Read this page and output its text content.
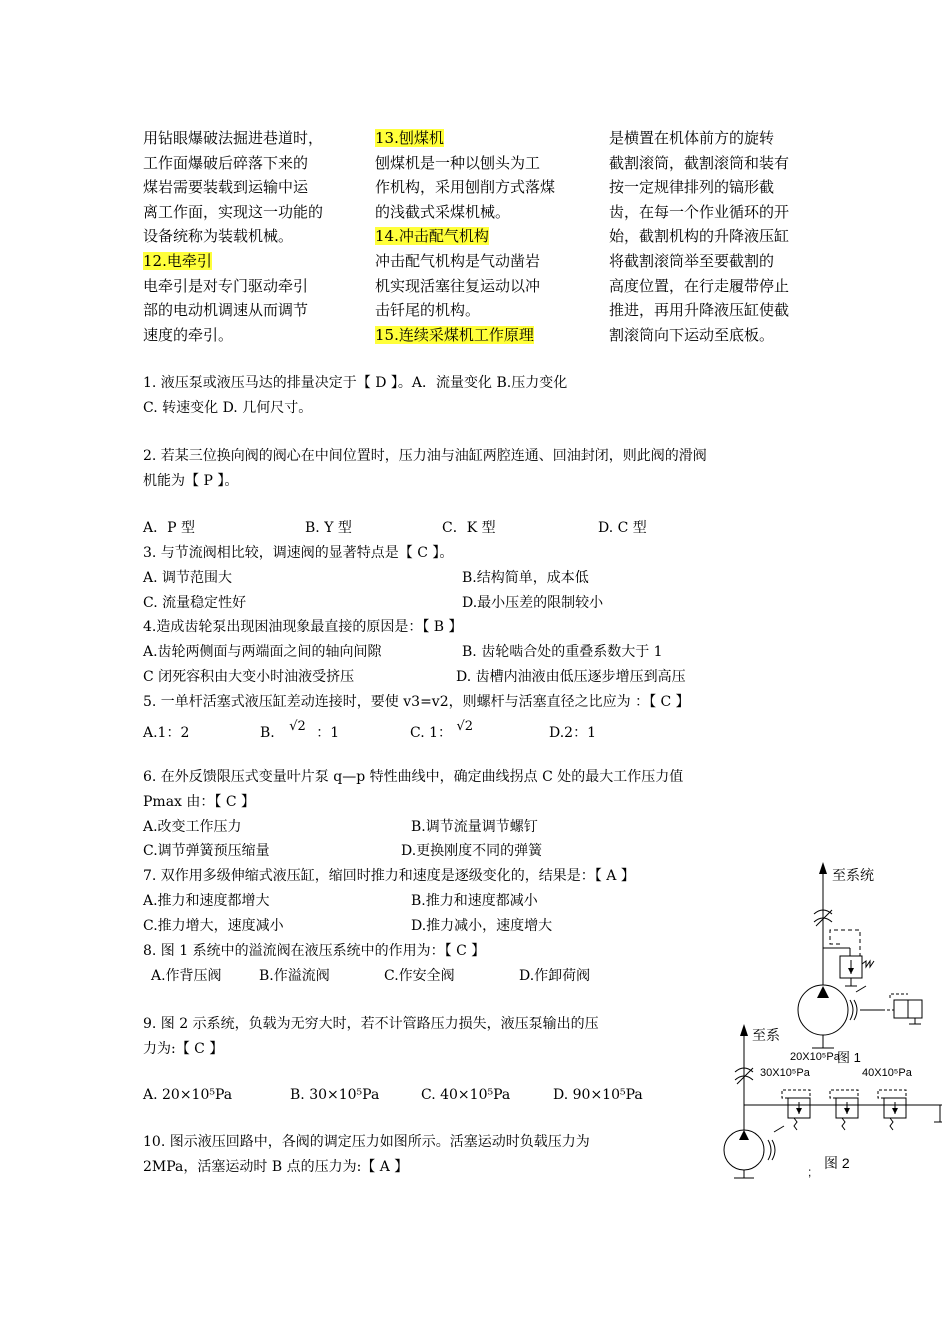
用钻眼爆破法掘进巷道时，
工作面爆破后碎落下来的
煤岩需要装载到运输中运
离工作面，实现这一功能的
设备统称为装载机械。
12.电牵引
电牵引是对专门驱动牵引
部的电动机调速从而调节
速度的牵引。
13.刨煤机
刨煤机是一种以刨头为工
作机构，采用刨削方式落煤
的浅截式采煤机械。
14.冲击配气机构
冲击配气机构是气动凿岩
机实现活塞往复运动以冲
击钎尾的机构。
15.连续采煤机工作原理
是横置在机体前方的旋转
截割滚筒，截割滚筒和装有
按一定规律排列的镐形截
齿，在每一个作业循环的开
始，截割机构的升降液压缸
将截割滚筒举至要截割的
高度位置，在行走履带停止
推进，再用升降液压缸使截
割滚筒向下运动至底板。
1. 液压泵或液压马达的排量决定于【 D 】。A．流量变化 B.压力变化
C. 转速变化 D. 几何尺寸。
2. 若某三位换向阀的阀心在中间位置时，压力油与油缸两腔连通、回油封闭，则此阀的滑阀
机能为【 P 】。
A．P 型	B. Y 型	C．K 型	D. C 型
3. 与节流阀相比较，调速阀的显著特点是【 C 】。
A. 调节范围大	B.结构简单，成本低
C. 流量稳定性好	D.最小压差的限制较小
4.造成齿轮泵出现困油现象最直接的原因是：【 B 】
A.齿轮两侧面与两端面之间的轴向间隙	B. 齿轮啮合处的重叠系数大于 1
C 闭死容积由大变小时油液受挤压	D. 齿槽内油液由低压逐步增压到高压
5. 一单杆活塞式液压缸差动连接时，要使 v3=v2，则螺杆与活塞直径之比应为 ：【 C 】
A.1：2	B. √2 ：1	C. 1： √2	D.2：1
6. 在外反馈限压式变量叶片泵 q—p 特性曲线中，确定曲线拐点 C 处的最大工作压力值
Pmax 由：【 C 】
A.改变工作压力	B.调节流量调节螺钉
C.调节弹簧预压缩量	D.更换刚度不同的弹簧
7. 双作用多级伸缩式液压缸，缩回时推力和速度是逐级变化的，结果是：【 A 】
A.推力和速度都增大	B.推力和速度都减小
C.推力增大，速度减小	D.推力减小，速度增大
8. 图 1 系统中的溢流阀在液压系统中的作用为：【 C 】
A.作背压阀	B.作溢流阀	C.作安全阀	D.作卸荷阀
9. 图 2 示系统，负载为无穷大时，若不计管路压力损失，液压泵输出的压
力为:【 C 】
A. 20×10⁵Pa	B. 30×10⁵Pa	C. 40×10⁵Pa	D. 90×10⁵Pa
10. 图示液压回路中，各阀的调定压力如图所示。活塞运动时负载压力为
2MPa，活塞运动时 B 点的压力为:【 A 】
至系统
20X10⁵Pa
图 1
至系
30X10⁵Pa	40X10⁵Pa
图 2
;
